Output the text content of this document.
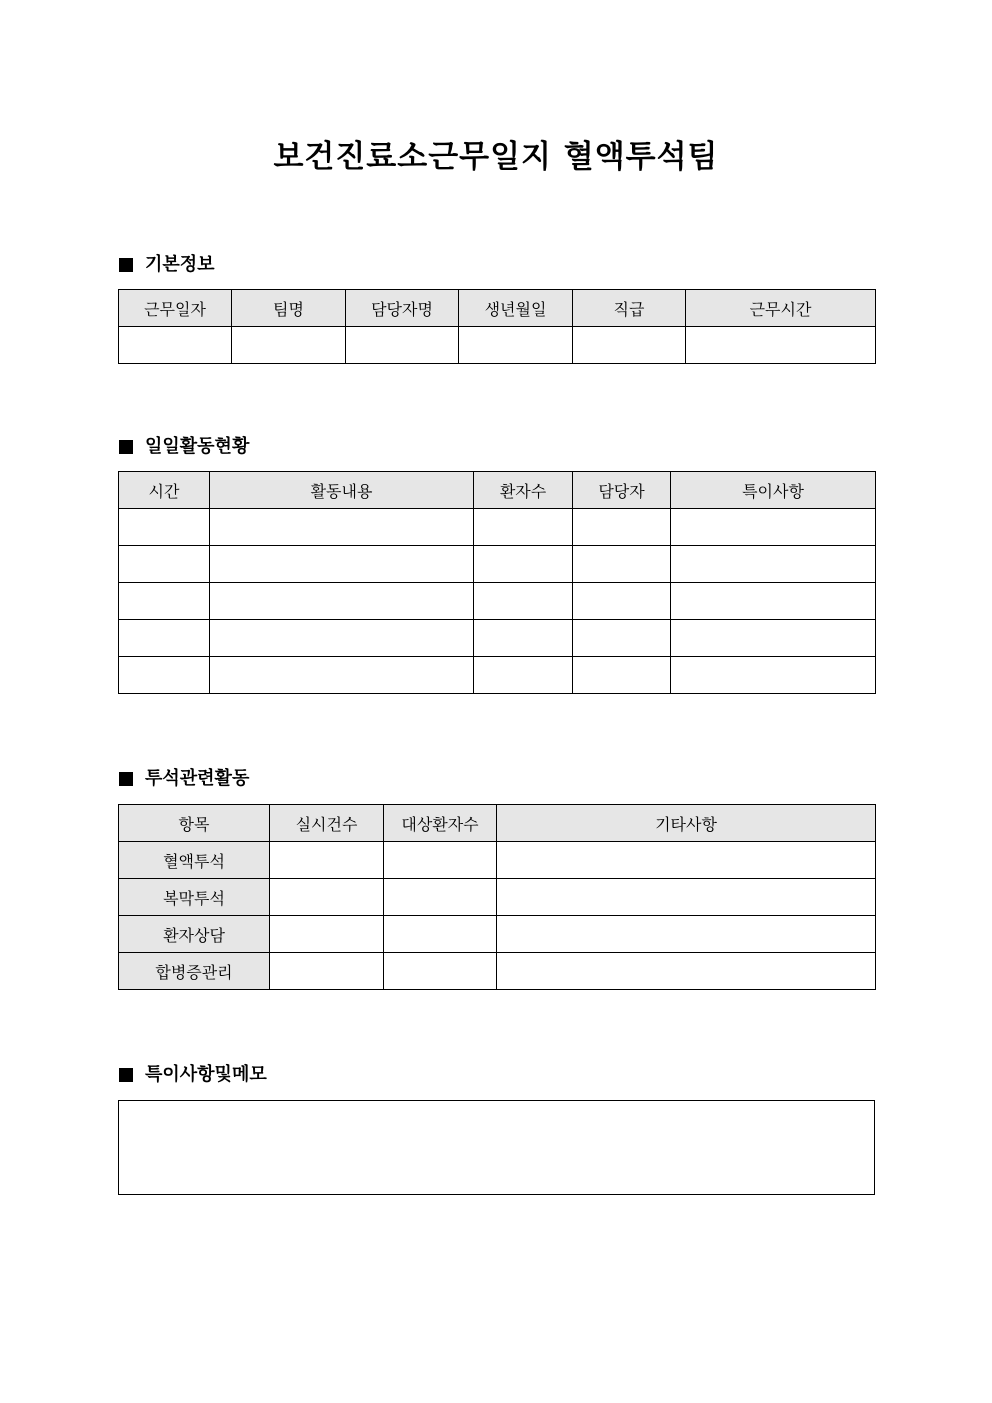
보건진료소근무일지 혈액투석팀
기본정보
근무일자	팀명	담당자명	생년월일	직급	근무시간

일일활동현황
시간	활동내용	환자수	담당자	특이사항

투석관련활동
항목	실시건수	대상환자수	기타사항
혈액투석			
복막투석			
환자상담			
합병증관리			
특이사항및메모
